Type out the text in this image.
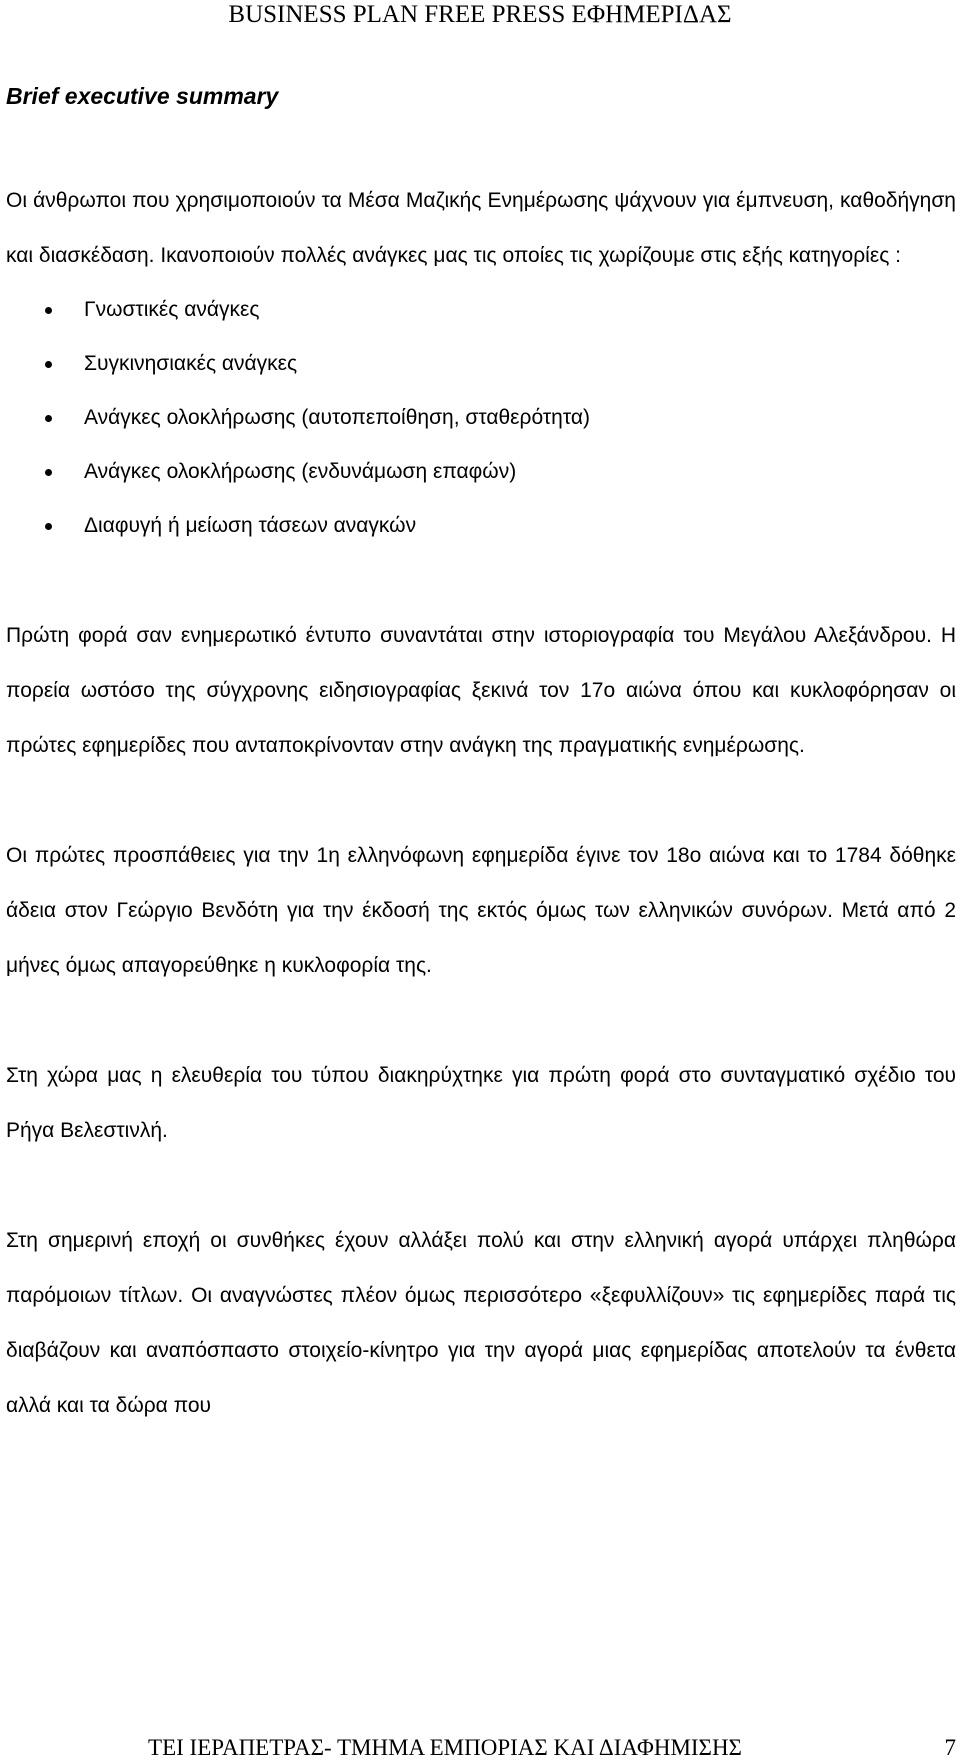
BUSINESS PLAN FREE PRESS ΕΦΗΜΕΡΙΔΑΣ

Brief executive summary

Οι άνθρωποι που χρησιμοποιούν τα Μέσα Μαζικής Ενημέρωσης ψάχνουν για έμπνευση, καθοδήγηση και διασκέδαση. Ικανοποιούν πολλές ανάγκες μας τις οποίες τις χωρίζουμε στις εξής κατηγορίες :

Γνωστικές ανάγκες
Συγκινησιακές ανάγκες
Ανάγκες ολοκλήρωσης (αυτοπεποίθηση, σταθερότητα)
Ανάγκες ολοκλήρωσης (ενδυνάμωση επαφών)
Διαφυγή ή μείωση τάσεων αναγκών

Πρώτη φορά σαν ενημερωτικό έντυπο συναντάται στην ιστοριογραφία του Μεγάλου Αλεξάνδρου. Η πορεία ωστόσο της σύγχρονης ειδησιογραφίας ξεκινά τον 17ο αιώνα όπου και κυκλοφόρησαν οι πρώτες εφημερίδες που ανταποκρίνονταν στην ανάγκη της πραγματικής ενημέρωσης.

Οι πρώτες προσπάθειες για την 1η ελληνόφωνη εφημερίδα έγινε τον 18ο αιώνα και το 1784 δόθηκε άδεια στον Γεώργιο Βενδότη για την έκδοσή της εκτός όμως των ελληνικών συνόρων. Μετά από 2 μήνες όμως απαγορεύθηκε η κυκλοφορία της.

Στη χώρα μας η ελευθερία του τύπου διακηρύχτηκε για πρώτη φορά στο συνταγματικό σχέδιο του Ρήγα Βελεστινλή.

Στη σημερινή εποχή οι συνθήκες έχουν αλλάξει πολύ και στην ελληνική αγορά υπάρχει πληθώρα παρόμοιων τίτλων. Οι αναγνώστες πλέον όμως περισσότερο «ξεφυλλίζουν» τις εφημερίδες παρά τις διαβάζουν και αναπόσπαστο στοιχείο-κίνητρο για την αγορά μιας εφημερίδας αποτελούν τα ένθετα αλλά και τα δώρα που

ΤΕΙ ΙΕΡΑΠΕΤΡΑΣ- ΤΜΗΜΑ ΕΜΠΟΡΙΑΣ ΚΑΙ ΔΙΑΦΗΜΙΣΗΣ	7
